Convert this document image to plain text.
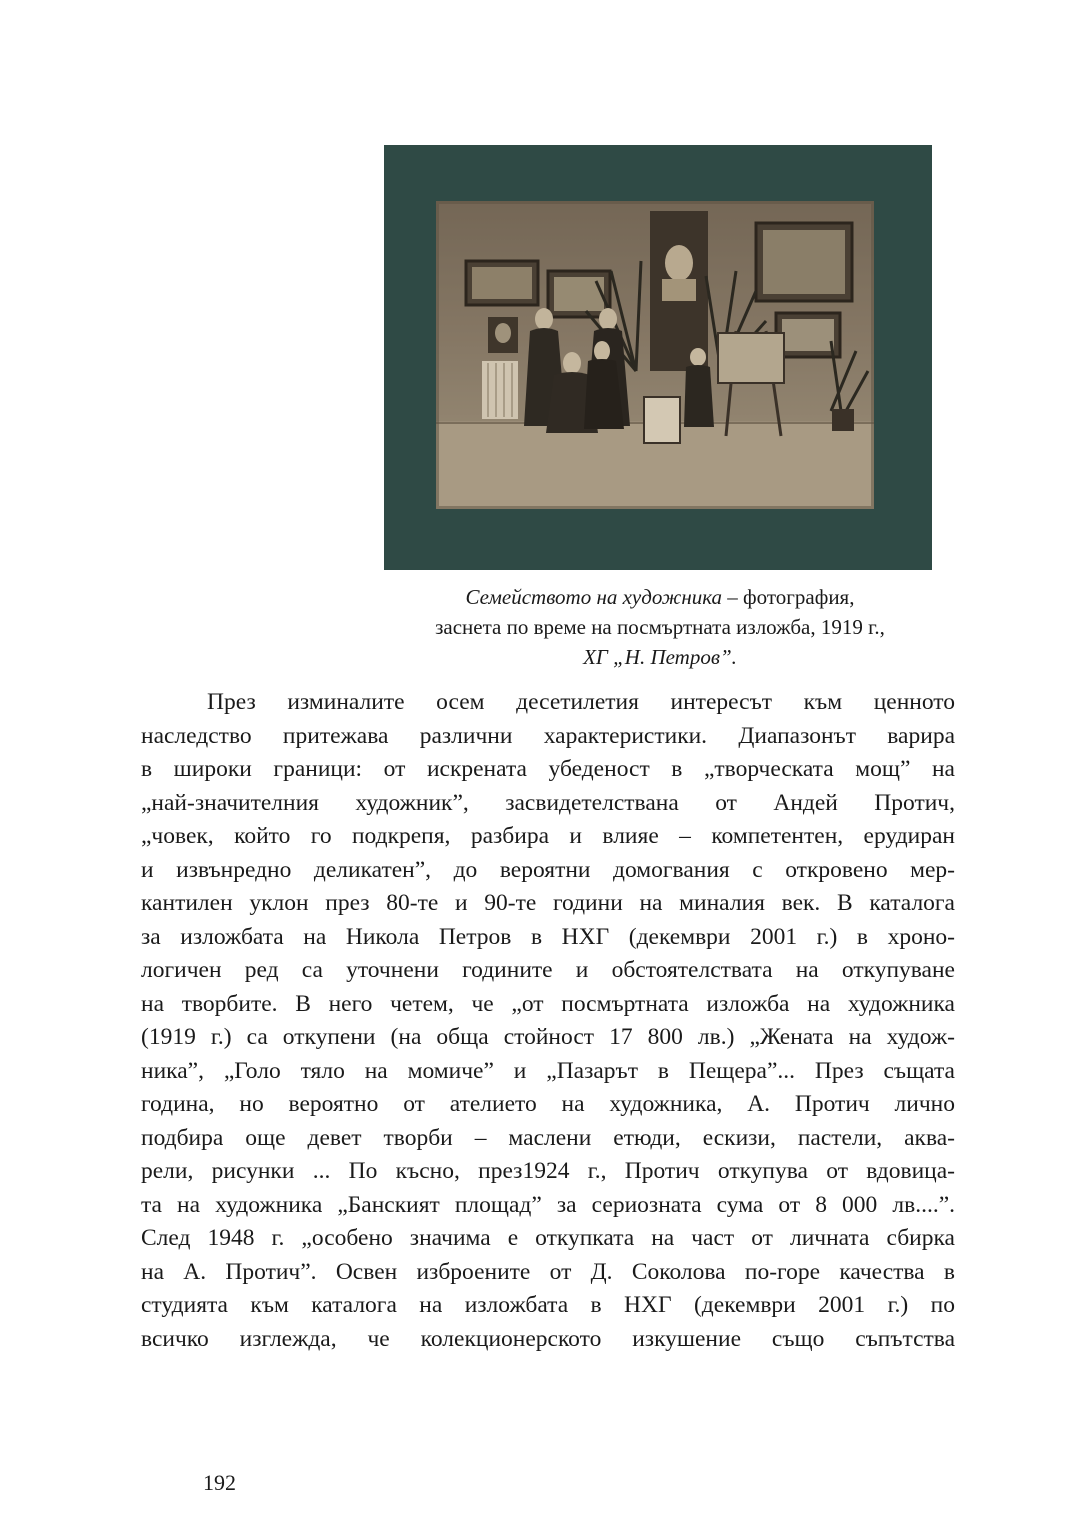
Семейството на художника – фотография,
заснета по време на посмъртната изложба, 1919 г.,
ХГ „Н. Петров”.
През изминалите осем десетилетия интересът към ценното
наследство притежава различни характеристики. Диапазонът варира
в широки граници: от искрената убеденост в „творческата мощ” на
„най-значителния художник”, засвидетелствана от Андей Протич,
„човек, който го подкрепя, разбира и влияе – компетентен, ерудиран
и извънредно деликатен”, до вероятни домогвания с откровено мер-
кантилен уклон през 80-те и 90-те години на миналия век. В каталога
за изложбата на Никола Петров в НХГ (декември 2001 г.) в хроно-
логичен ред са уточнени годините и обстоятелствата на откупуване
на творбите. В него четем, че „от посмъртната изложба на художника
(1919 г.) са откупени (на обща стойност 17 800 лв.) „Жената на худож-
ника”, „Голо тяло на момиче” и „Пазарът в Пещера”... През същата
година, но вероятно от ателието на художника, А. Протич лично
подбира още девет творби – маслени етюди, ескизи, пастели, аква-
рели, рисунки ... По късно, през1924 г., Протич откупува от вдовица-
та на художника „Банският площад” за сериозната сума от 8 000 лв....”.
След 1948 г. „особено значима е откупката на част от личната сбирка
на А. Протич”. Освен изброените от Д. Соколова по-горе качества в
студията към каталога на изложбата в НХГ (декември 2001 г.) по
всичко изглежда, че колекционерското изкушение също съпътства
192
